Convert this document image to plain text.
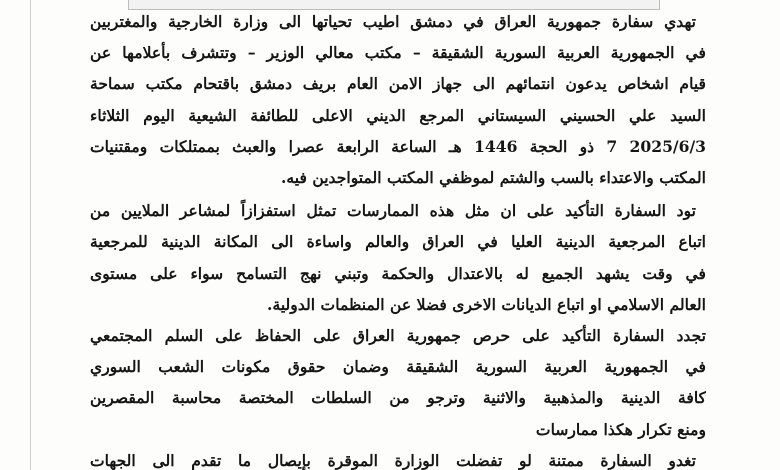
تهدي سفارة جمهورية العراق في دمشق اطيب تحياتها الى وزارة الخارجية والمغتربين
في الجمهورية العربية السورية الشقيقة – مكتب معالي الوزير – وتتشرف بأعلامها عن
قيام اشخاص يدعون انتمائهم الى جهاز الامن العام بريف دمشق باقتحام مكتب سماحة
السيد علي الحسيني السيستاني المرجع الديني الاعلى للطائفة الشيعية اليوم الثلاثاء
2025/6/3 7 ذو الحجة 1446 هـ الساعة الرابعة عصرا والعبث بممتلكات ومقتنيات
المكتب والاعتداء بالسب والشتم لموظفي المكتب المتواجدين فيه.
تود السفارة التأكيد على ان مثل هذه الممارسات تمثل استفزازاً لمشاعر الملايين من
اتباع المرجعية الدينية العليا في العراق والعالم واساءة الى المكانة الدينية للمرجعية
في وقت يشهد الجميع له بالاعتدال والحكمة وتبني نهج التسامح سواء على مستوى
العالم الاسلامي او اتباع الديانات الاخرى فضلا عن المنظمات الدولية.
تجدد السفارة التأكيد على حرص جمهورية العراق على الحفاظ على السلم المجتمعي
في الجمهورية العربية السورية الشقيقة وضمان حقوق مكونات الشعب السوري
كافة الدينية والمذهبية والاثنية وترجو من السلطات المختصة محاسبة المقصرين
ومنع تكرار هكذا ممارسات
تغدو السفارة ممتنة لو تفضلت الوزارة الموقرة بإيصال ما تقدم الى الجهات
